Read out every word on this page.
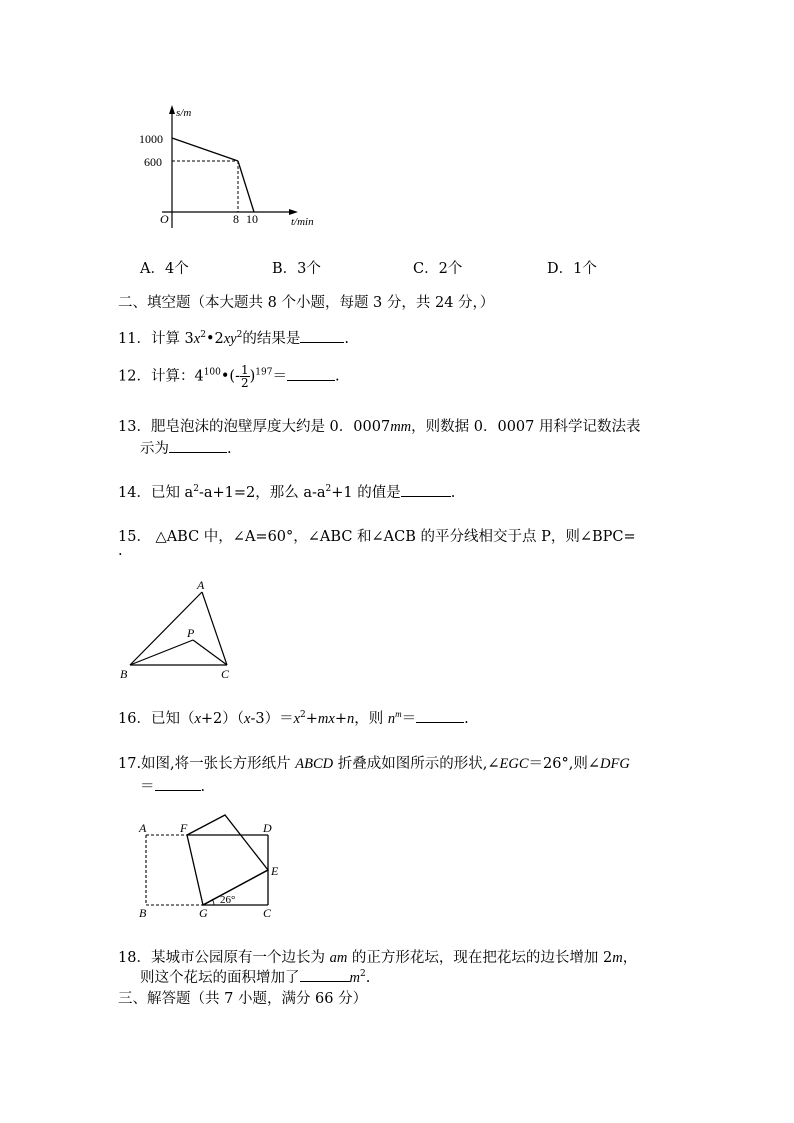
s/m
1000
600
O	8 10	t/min
A
B	C
P
A	F	D
E
B	G	C
26°
A．4个	B．3个	C．2个	D．1个
二、填空题（本大题共 8 个小题，每题 3 分，共 24 分，）
11．计算 $3x^2•2xy^2$的结果是	.
12．计算：$4^{100}•(- \frac{1}{2} )^{197}=$	.
13．肥皂泡沫的泡壁厚度大约是 0．0007mm，则数据 0．0007 用科学记数法表
示为	.
14．已知 $a^2-a+1=2$，那么 $a-a^2+1$ 的值是	.
15． △ABC 中，∠A=60°，∠ABC 和∠ACB 的平分线相交于点 P，则∠BPC=
.
16．已知$(x+2)(x-3)=x^2+mx+n$，则 $n^m=$	.
17.如图,将一张长方形纸片 ABCD 折叠成如图所示的形状,∠EGC＝26°,则∠DFG
＝	.
18．某城市公园原有一个边长为 am 的正方形花坛，现在把花坛的边长增加 2m，
则这个花坛的面积增加了	$m^2$.
三、解答题（共 7 小题，满分 66 分）
